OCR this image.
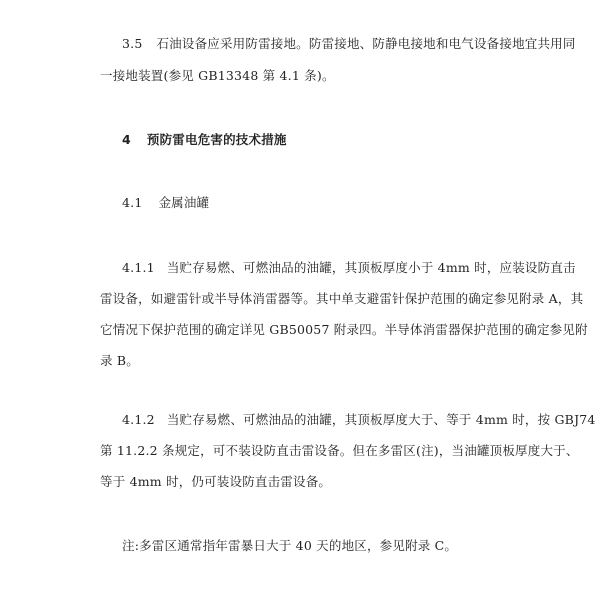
3.5 石油设备应采用防雷接地。防雷接地、防静电接地和电气设备接地宜共用同
一接地装置(参见 GB13348 第 4.1 条)。
4 预防雷电危害的技术措施
4.1 金属油罐
4.1.1 当贮存易燃、可燃油品的油罐，其顶板厚度小于 4mm 时，应装设防直击
雷设备，如避雷针或半导体消雷器等。其中单支避雷针保护范围的确定参见附录 A，其
它情况下保护范围的确定详见 GB50057 附录四。半导体消雷器保护范围的确定参见附
录 B。
4.1.2 当贮存易燃、可燃油品的油罐，其顶板厚度大于、等于 4mm 时，按 GBJ74
第 11.2.2 条规定，可不装设防直击雷设备。但在多雷区(注)，当油罐顶板厚度大于、
等于 4mm 时，仍可装设防直击雷设备。
注:多雷区通常指年雷暴日大于 40 天的地区，参见附录 C。
